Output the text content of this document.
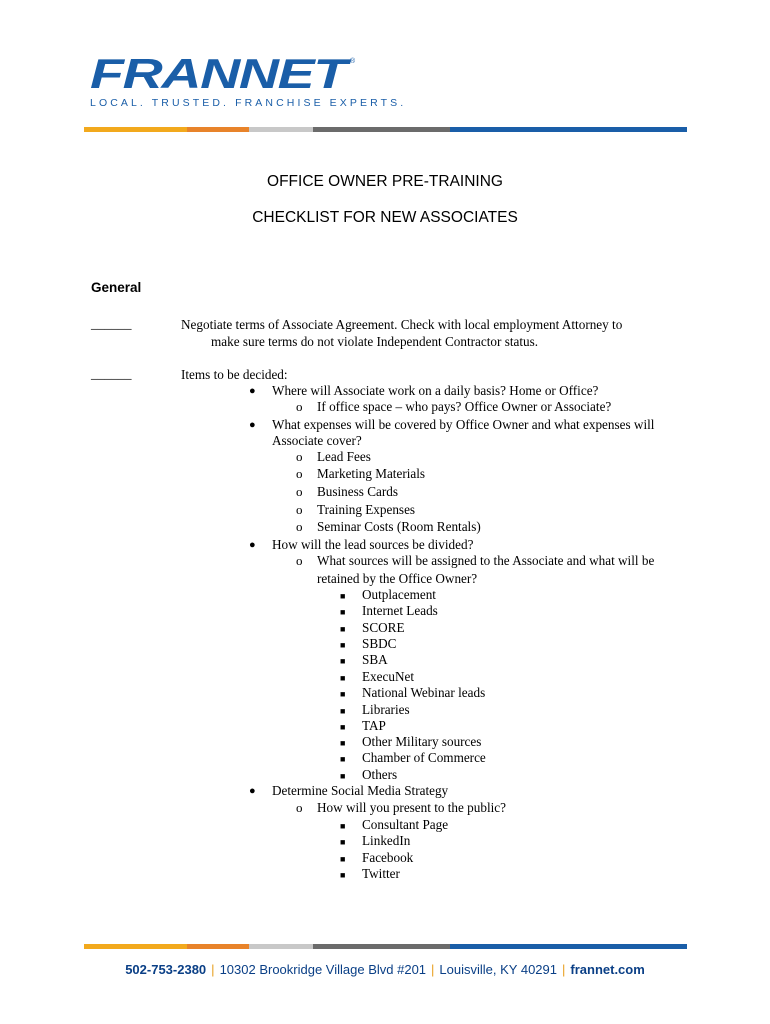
FRANNET
®
LOCAL. TRUSTED. FRANCHISE EXPERTS.
OFFICE OWNER PRE-TRAINING
CHECKLIST FOR NEW ASSOCIATES
General
______	Negotiate terms of Associate Agreement. Check with local employment Attorney to
make sure terms do not violate Independent Contractor status.
______	Items to be decided:
● Where will Associate work on a daily basis? Home or Office?
o If office space – who pays? Office Owner or Associate?
● What expenses will be covered by Office Owner and what expenses will
Associate cover?
o Lead Fees
o Marketing Materials
o Business Cards
o Training Expenses
o Seminar Costs (Room Rentals)
● How will the lead sources be divided?
o What sources will be assigned to the Associate and what will be
retained by the Office Owner?
■ Outplacement
■ Internet Leads
■ SCORE
■ SBDC
■ SBA
■ ExecuNet
■ National Webinar leads
■ Libraries
■ TAP
■ Other Military sources
■ Chamber of Commerce
■ Others
● Determine Social Media Strategy
o How will you present to the public?
■ Consultant Page
■ LinkedIn
■ Facebook
■ Twitter
502-753-2380 | 10302 Brookridge Village Blvd #201 | Louisville, KY 40291 | frannet.com
